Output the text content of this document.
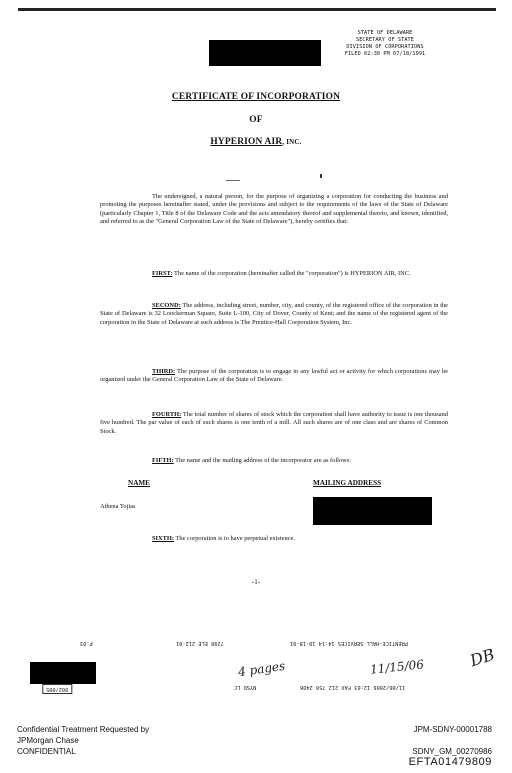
STATE OF DELAWARE
SECRETARY OF STATE
DIVISION OF CORPORATIONS
FILED 02:30 PM 07/18/1991
CERTIFICATE OF INCORPORATION
OF
HYPERION AIR, INC.
The undersigned, a natural person, for the purpose of organizing a corporation for conducting the business and promoting the purposes hereinafter stated, under the provisions and subject to the requirements of the laws of the State of Delaware (particularly Chapter 1, Title 8 of the Delaware Code and the acts amendatory thereof and supplemental thereto, and known, identified, and referred to as the "General Corporation Law of the State of Delaware"), hereby certifies that:
FIRST: The name of the corporation (hereinafter called the "corporation") is HYPERION AIR, INC.
SECOND: The address, including street, number, city, and county, of the registered office of the corporation in the State of Delaware is 32 Loockerman Square, Suite L-100, City of Dover, County of Kent; and the name of the registered agent of the corporation in the State of Delaware at such address is The Prentice-Hall Corporation System, Inc.
THIRD: The purpose of the corporation is to engage in any lawful act or activity for which corporations may be organized under the General Corporation Law of the State of Delaware.
FOURTH: The total number of shares of stock which the corporation shall have authority to issue is one thousand five hundred. The par value of each of such shares is one tenth of a mill. All such shares are of one class and are shares of Common Stock.
FIFTH: The name and the mailing address of the incorporator are as follows:
NAME	MAILING ADDRESS
Athena Tojias
SIXTH: The corporation is to have perpetual existence.
-1-
P.03	7298 ELE 212-01	PRENTICE-HALL SERVICES 14:14 10-18-91
002/005	NYSD LC	11/06/2006 12:03 FAX 212 750 2408
4 pages	11/15/06	DB
Confidential Treatment Requested by
JPMorgan Chase
CONFIDENTIAL
JPM-SDNY-00001788
SDNY_GM_00270986
EFTA01479809
